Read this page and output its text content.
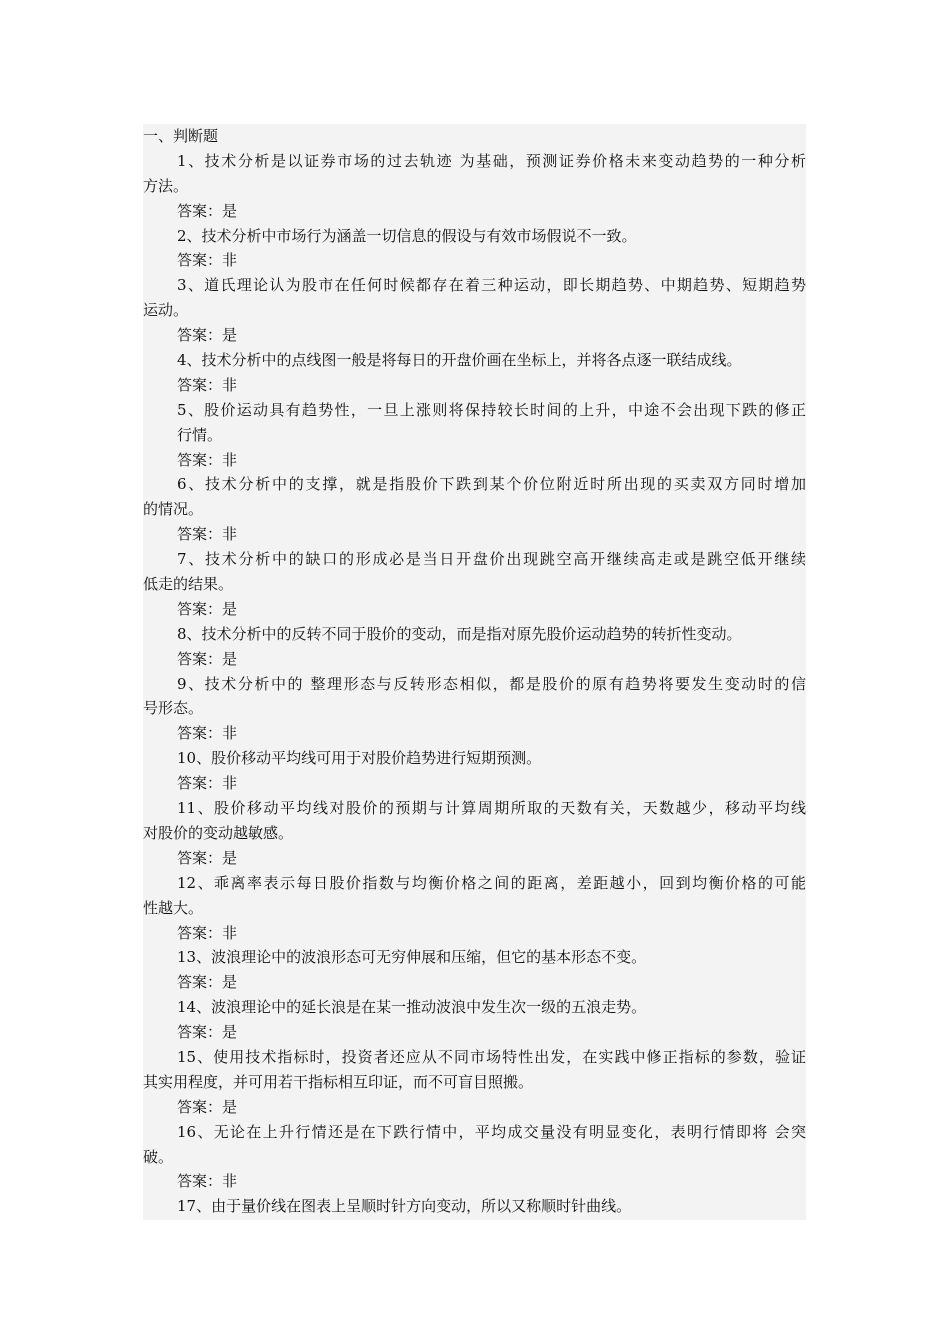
一、判断题
1、技术分析是以证券市场的过去轨迹 为基础，预测证券价格未来变动趋势的一种分析
方法。
答案：是
2、技术分析中市场行为涵盖一切信息的假设与有效市场假说不一致。
答案：非
3、道氏理论认为股市在任何时候都存在着三种运动，即长期趋势、中期趋势、短期趋势
运动。
答案：是
4、技术分析中的点线图一般是将每日的开盘价画在坐标上，并将各点逐一联结成线。
答案：非
5、股价运动具有趋势性，一旦上涨则将保持较长时间的上升，中途不会出现下跌的修正
行情。
答案：非
6、技术分析中的支撑，就是指股价下跌到某个价位附近时所出现的买卖双方同时增加
的情况。
答案：非
7、技术分析中的缺口的形成必是当日开盘价出现跳空高开继续高走或是跳空低开继续
低走的结果。
答案：是
8、技术分析中的反转不同于股价的变动，而是指对原先股价运动趋势的转折性变动。
答案：是
9、技术分析中的 整理形态与反转形态相似，都是股价的原有趋势将要发生变动时的信
号形态。
答案：非
10、股价移动平均线可用于对股价趋势进行短期预测。
答案：非
11、股价移动平均线对股价的预期与计算周期所取的天数有关，天数越少，移动平均线
对股价的变动越敏感。
答案：是
12、乖离率表示每日股价指数与均衡价格之间的距离，差距越小，回到均衡价格的可能
性越大。
答案：非
13、波浪理论中的波浪形态可无穷伸展和压缩，但它的基本形态不变。
答案：是
14、波浪理论中的延长浪是在某一推动波浪中发生次一级的五浪走势。
答案：是
15、使用技术指标时，投资者还应从不同市场特性出发，在实践中修正指标的参数，验证
其实用程度，并可用若干指标相互印证，而不可盲目照搬。
答案：是
16、无论在上升行情还是在下跌行情中，平均成交量没有明显变化，表明行情即将 会突
破。
答案：非
17、由于量价线在图表上呈顺时针方向变动，所以又称顺时针曲线。
